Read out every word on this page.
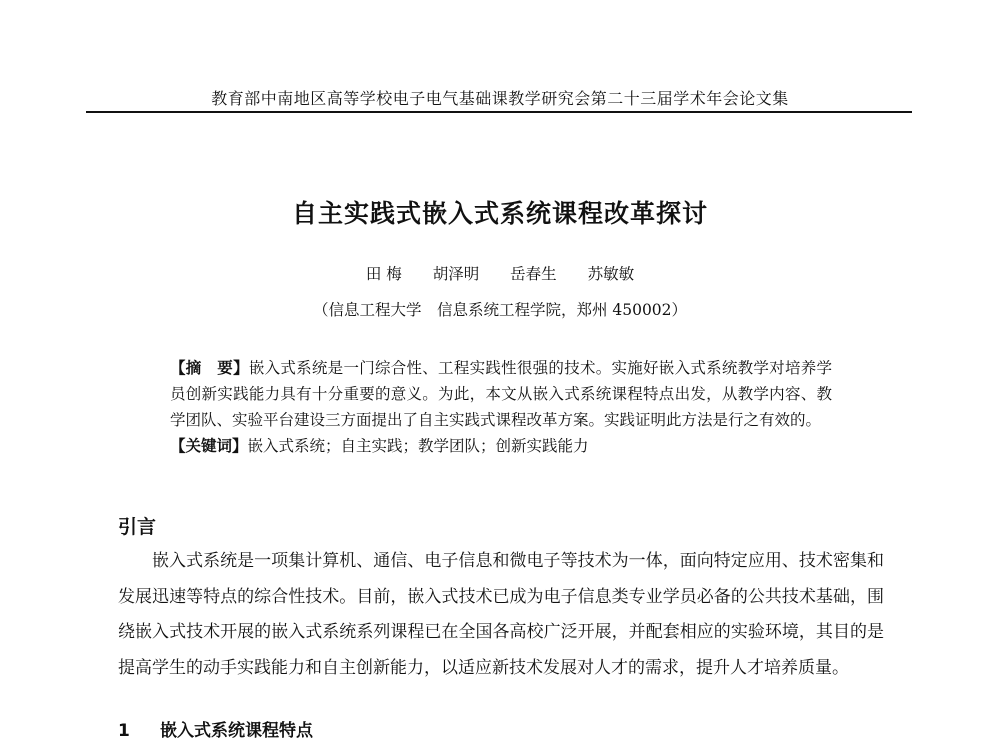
教育部中南地区高等学校电子电气基础课教学研究会第二十三届学术年会论文集
自主实践式嵌入式系统课程改革探讨
田 梅 胡泽明 岳春生 苏敏敏
（信息工程大学　信息系统工程学院，郑州 450002）

【摘　要】嵌入式系统是一门综合性、工程实践性很强的技术。实施好嵌入式系统教学对培养学员创新实践能力具有十分重要的意义。为此，本文从嵌入式系统课程特点出发，从教学内容、教学团队、实验平台建设三方面提出了自主实践式课程改革方案。实践证明此方法是行之有效的。

【关键词】嵌入式系统；自主实践；教学团队；创新实践能力

引言

嵌入式系统是一项集计算机、通信、电子信息和微电子等技术为一体，面向特定应用、技术密集和发展迅速等特点的综合性技术。目前，嵌入式技术已成为电子信息类专业学员必备的公共技术基础，围绕嵌入式技术开展的嵌入式系统系列课程已在全国各高校广泛开展，并配套相应的实验环境，其目的是提高学生的动手实践能力和自主创新能力，以适应新技术发展对人才的需求，提升人才培养质量。

1 嵌入式系统课程特点
